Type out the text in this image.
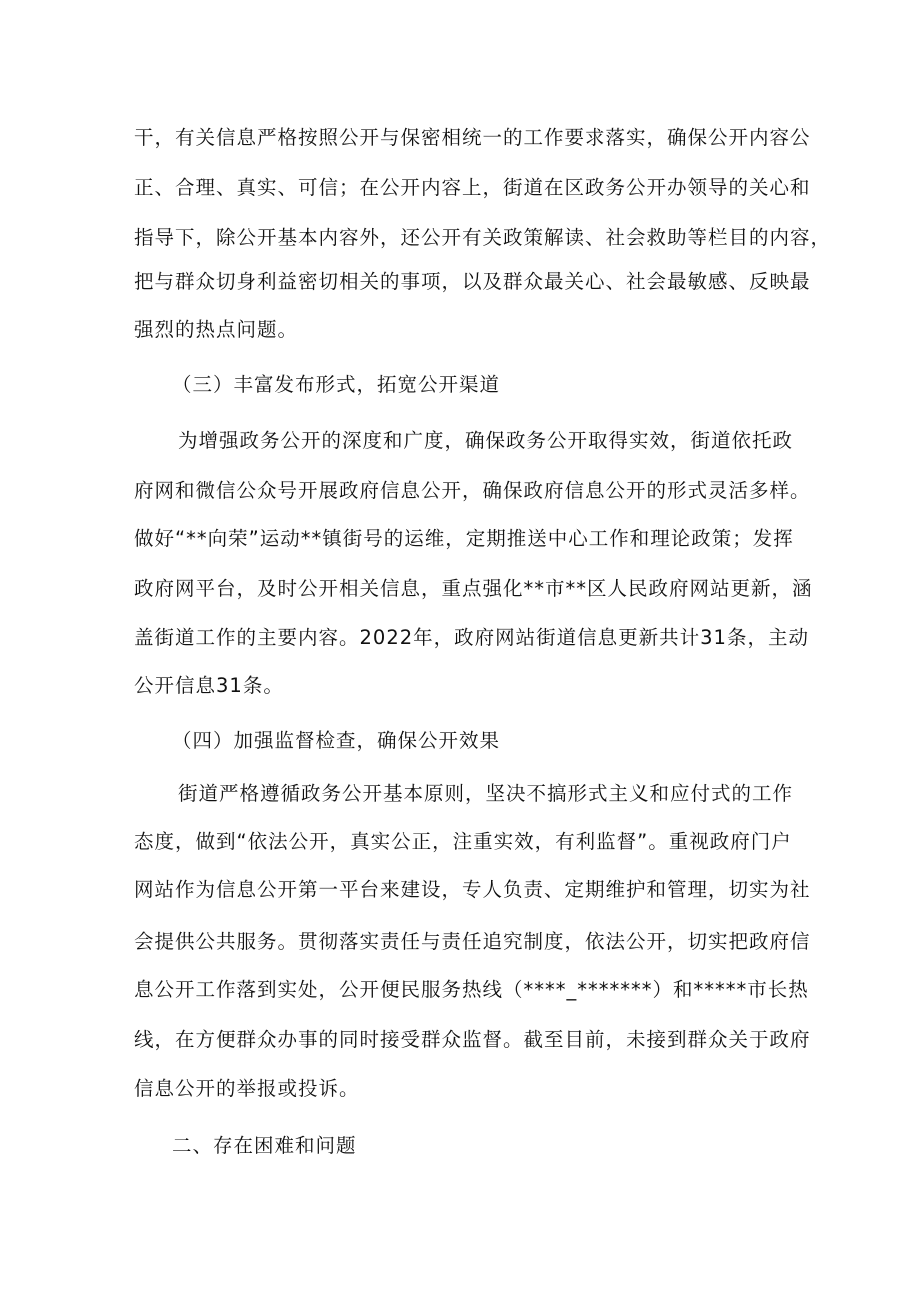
干，有关信息严格按照公开与保密相统一的工作要求落实，确保公开内容公
正、合理、真实、可信；在公开内容上，街道在区政务公开办领导的关心和
指导下，除公开基本内容外，还公开有关政策解读、社会救助等栏目的内容，
把与群众切身利益密切相关的事项，以及群众最关心、社会最敏感、反映最
强烈的热点问题。
（三）丰富发布形式，拓宽公开渠道
为增强政务公开的深度和广度，确保政务公开取得实效，街道依托政
府网和微信公众号开展政府信息公开，确保政府信息公开的形式灵活多样。
做好“**向荣”运动**镇街号的运维，定期推送中心工作和理论政策；发挥
政府网平台，及时公开相关信息，重点强化**市**区人民政府网站更新，涵
盖街道工作的主要内容。2022年，政府网站街道信息更新共计31条，主动
公开信息31条。
（四）加强监督检查，确保公开效果
街道严格遵循政务公开基本原则，坚决不搞形式主义和应付式的工作
态度，做到“依法公开，真实公正，注重实效，有利监督”。重视政府门户
网站作为信息公开第一平台来建设，专人负责、定期维护和管理，切实为社
会提供公共服务。贯彻落实责任与责任追究制度，依法公开，切实把政府信
息公开工作落到实处，公开便民服务热线（****_*******）和*****市长热
线，在方便群众办事的同时接受群众监督。截至目前，未接到群众关于政府
信息公开的举报或投诉。
二、存在困难和问题
